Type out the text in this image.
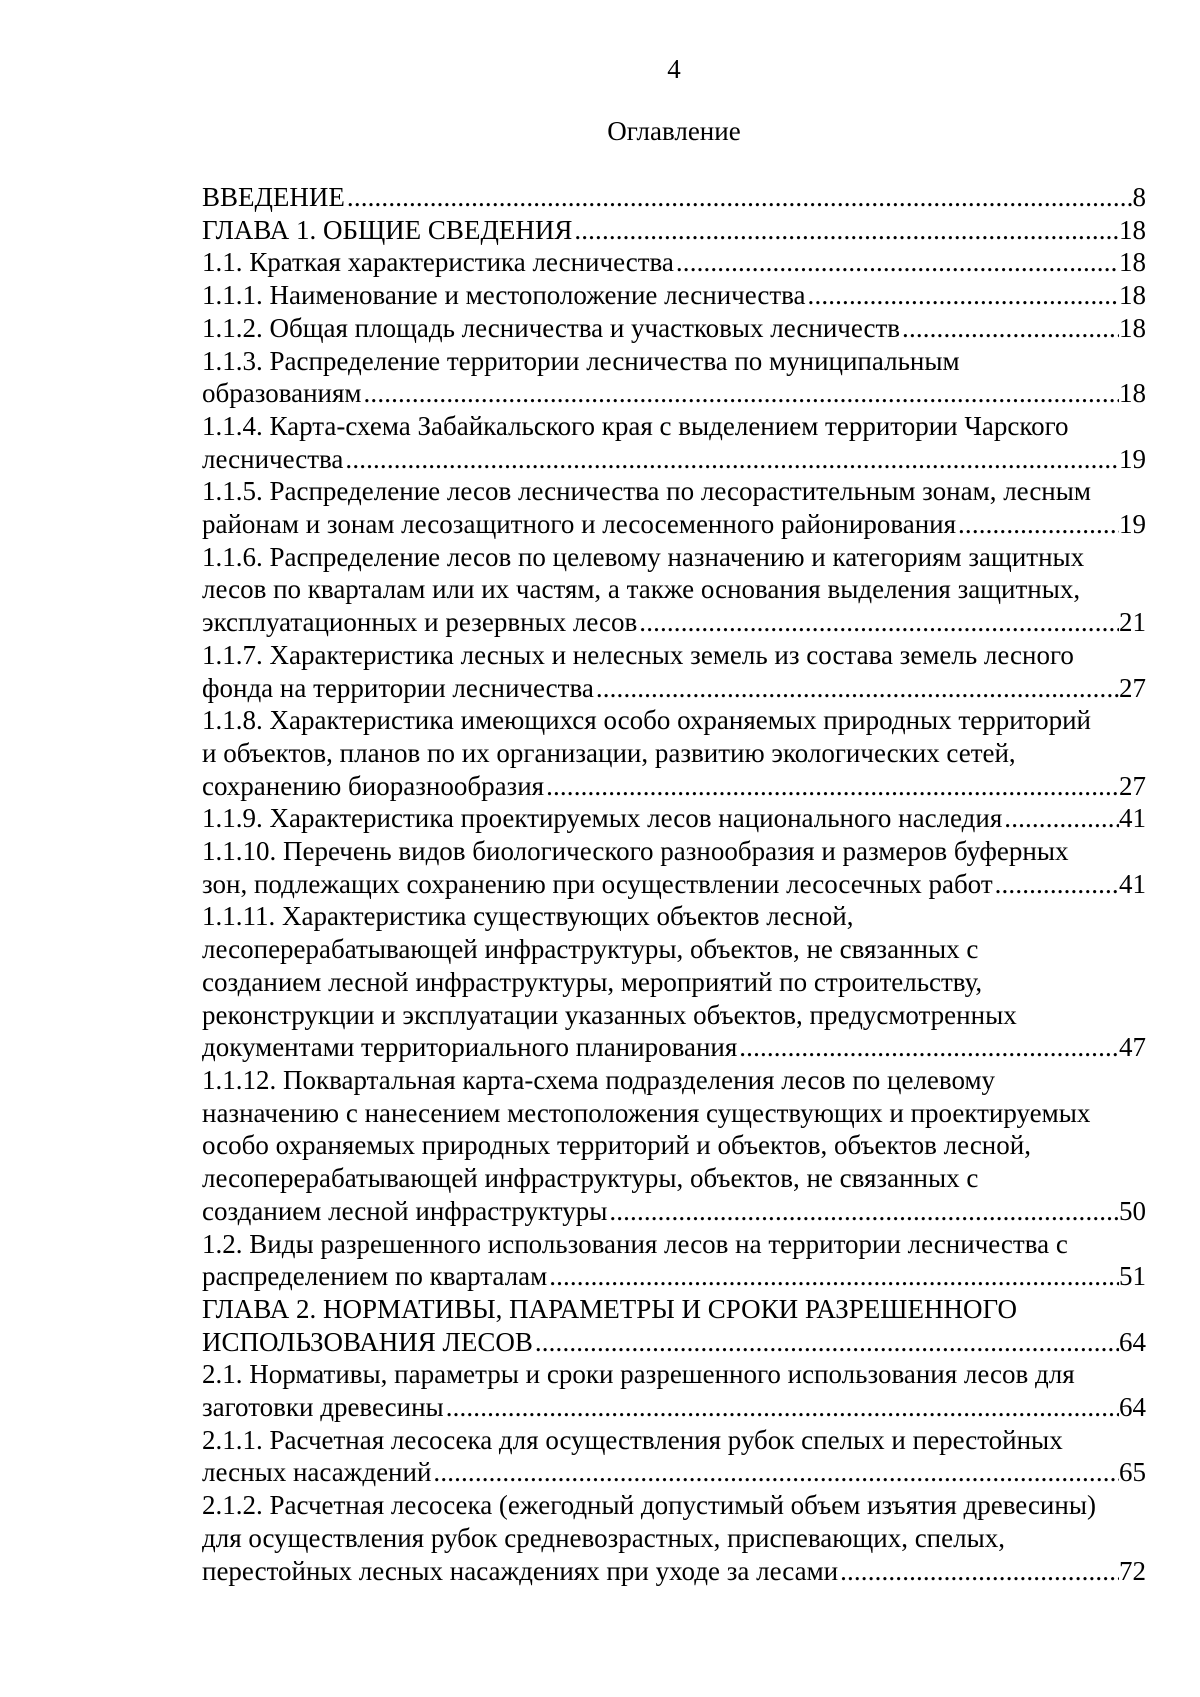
4
Оглавление
ВВЕДЕНИЕ . . .	8
ГЛАВА 1. ОБЩИЕ СВЕДЕНИЯ . . .	18
1.1. Краткая характеристика лесничества . . .	18
1.1.1. Наименование и местоположение лесничества . . .	18
1.1.2. Общая площадь лесничества и участковых лесничеств . . .	18
1.1.3. Распределение территории лесничества по муниципальным
образованиям . . .	18
1.1.4. Карта-схема Забайкальского края с выделением территории Чарского
лесничества . . .	19
1.1.5. Распределение лесов лесничества по лесорастительным зонам, лесным
районам и зонам лесозащитного и лесосеменного районирования . . .	19
1.1.6. Распределение лесов по целевому назначению и категориям защитных
лесов по кварталам или их частям, а также основания выделения защитных,
эксплуатационных и резервных лесов . . .	21
1.1.7. Характеристика лесных и нелесных земель из состава земель лесного
фонда на территории лесничества . . .	27
1.1.8. Характеристика имеющихся особо охраняемых природных территорий
и объектов, планов по их организации, развитию экологических сетей,
сохранению биоразнообразия . . .	27
1.1.9. Характеристика проектируемых лесов национального наследия . . .	41
1.1.10. Перечень видов биологического разнообразия и размеров буферных
зон, подлежащих сохранению при осуществлении лесосечных работ . . .	41
1.1.11. Характеристика существующих объектов лесной,
лесоперерабатывающей инфраструктуры, объектов, не связанных с
созданием лесной инфраструктуры, мероприятий по строительству,
реконструкции и эксплуатации указанных объектов, предусмотренных
документами территориального планирования . . .	47
1.1.12. Поквартальная карта-схема подразделения лесов по целевому
назначению с нанесением местоположения существующих и проектируемых
особо охраняемых природных территорий и объектов, объектов лесной,
лесоперерабатывающей инфраструктуры, объектов, не связанных с
созданием лесной инфраструктуры . . .	50
1.2. Виды разрешенного использования лесов на территории лесничества с
распределением по кварталам . . .	51
ГЛАВА 2. НОРМАТИВЫ, ПАРАМЕТРЫ И СРОКИ РАЗРЕШЕННОГО
ИСПОЛЬЗОВАНИЯ ЛЕСОВ . . .	64
2.1. Нормативы, параметры и сроки разрешенного использования лесов для
заготовки древесины . . .	64
2.1.1. Расчетная лесосека для осуществления рубок спелых и перестойных
лесных насаждений . . .	65
2.1.2. Расчетная лесосека (ежегодный допустимый объем изъятия древесины)
для осуществления рубок средневозрастных, приспевающих, спелых,
перестойных лесных насаждениях при уходе за лесами . . .	72
